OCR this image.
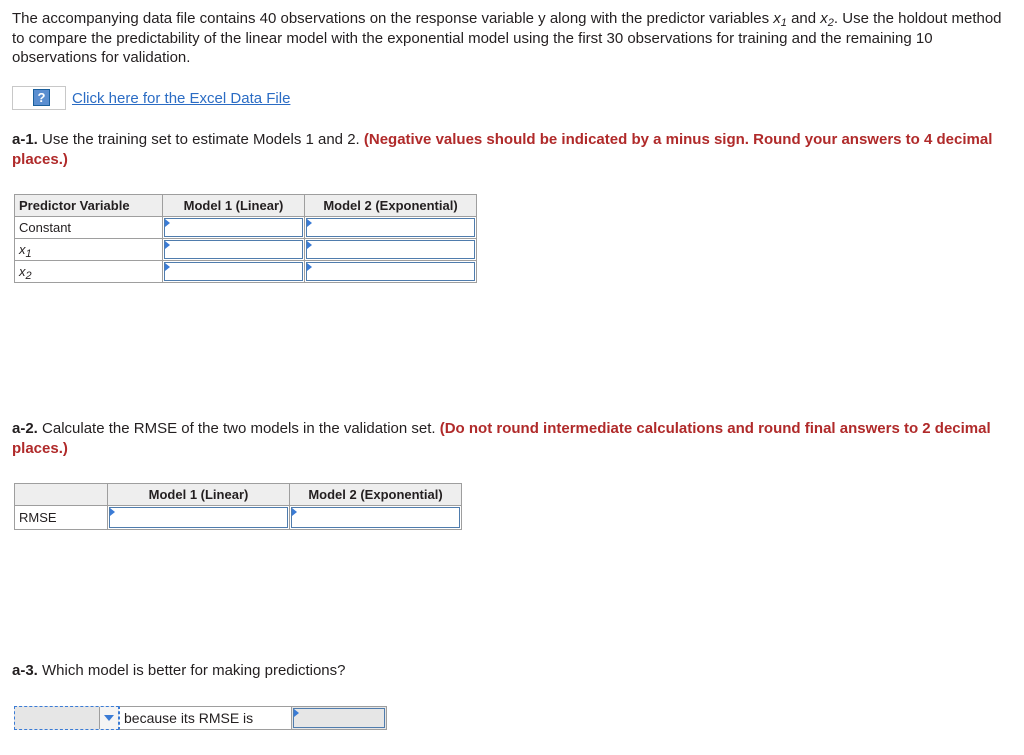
The accompanying data file contains 40 observations on the response variable y along with the predictor variables $x_1$ and $x_2$. Use the holdout method to compare the predictability of the linear model with the exponential model using the first 30 observations for training and the remaining 10 observations for validation.

?	Click here for the Excel Data File

a-1. Use the training set to estimate Models 1 and 2. (Negative values should be indicated by a minus sign. Round your answers to 4 decimal places.)

Predictor Variable	Model 1 (Linear)	Model 2 (Exponential)
Constant	

$x_1$	

$x_2$	

a-2. Calculate the RMSE of the two models in the validation set. (Do not round intermediate calculations and round final answers to 2 decimal places.)

	Model 1 (Linear)	Model 2 (Exponential)
RMSE	

a-3. Which model is better for making predictions?

because its RMSE is
